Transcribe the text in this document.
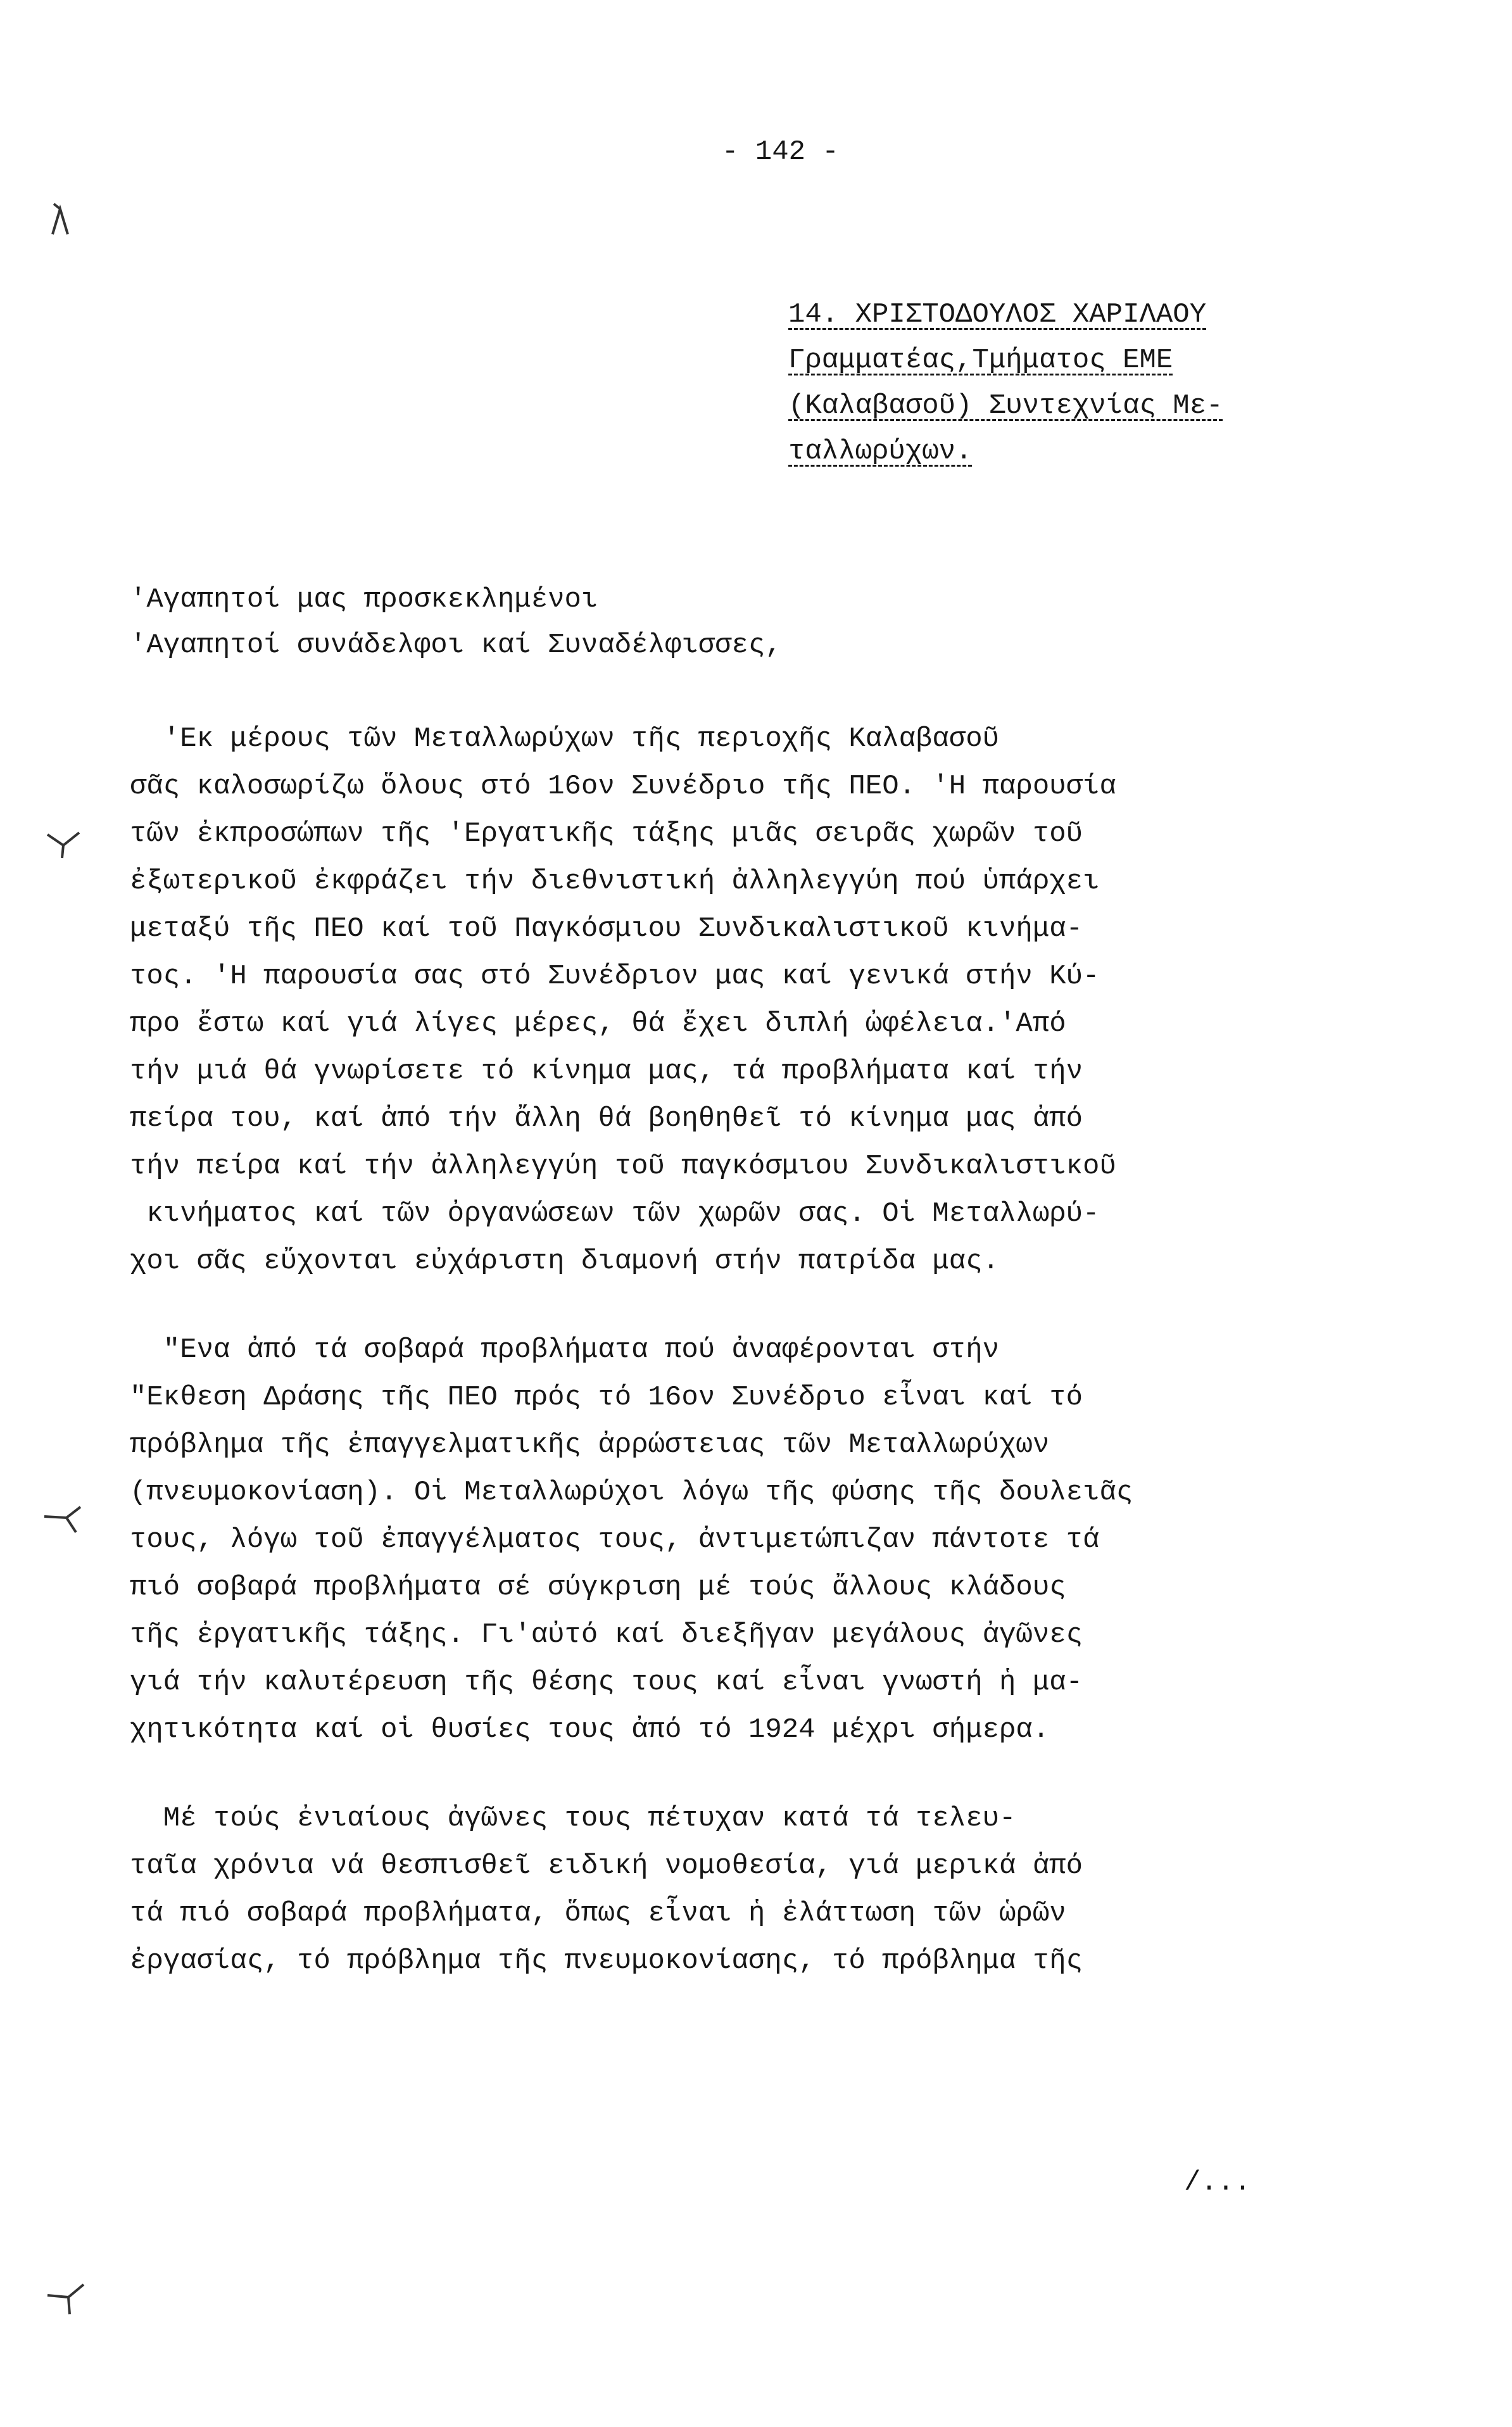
- 142 -

14. ΧΡΙΣΤΟΔΟΥΛΟΣ ΧΑΡΙΛΑΟΥ

Γραμματέας,Τμήματος ΕΜΕ

(Καλαβασοῦ) Συντεχνίας Με-

ταλλωρύχων.

'Αγαπητοί μας προσκεκλημένοι

'Αγαπητοί συνάδελφοι καί Συναδέλφισσες,

'Εκ μέρους τῶν Μεταλλωρύχων τῆς περιοχῆς Καλαβασοῦ

σᾶς καλοσωρίζω ὅλους στό 16ον Συνέδριο τῆς ΠΕΟ. 'Η παρουσία

τῶν ἐκπροσώπων τῆς 'Εργατικῆς τάξης μιᾶς σειρᾶς χωρῶν τοῦ

ἐξωτερικοῦ ἐκφράζει τήν διεθνιστική ἀλληλεγγύη πού ὑπάρχει

μεταξύ τῆς ΠΕΟ καί τοῦ Παγκόσμιου Συνδικαλιστικοῦ κινήμα-

τος. 'Η παρουσία σας στό Συνέδριον μας καί γενικά στήν Κύ-

προ ἔστω καί γιά λίγες μέρες, θά ἔχει διπλή ὠφέλεια.'Από

τήν μιά θά γνωρίσετε τό κίνημα μας, τά προβλήματα καί τήν

πείρα του, καί ἀπό τήν ἄλλη θά βοηθηθεῖ τό κίνημα μας ἀπό

τήν πείρα καί τήν ἀλληλεγγύη τοῦ παγκόσμιου Συνδικαλιστικοῦ

κινήματος καί τῶν ὀργανώσεων τῶν χωρῶν σας. Οἱ Μεταλλωρύ-

χοι σᾶς εὔχονται εὐχάριστη διαμονή στήν πατρίδα μας.

"Ενα ἀπό τά σοβαρά προβλήματα πού ἀναφέρονται στήν

"Εκθεση Δράσης τῆς ΠΕΟ πρός τό 16ον Συνέδριο εἶναι καί τό

πρόβλημα τῆς ἐπαγγελματικῆς ἀρρώστειας τῶν Μεταλλωρύχων

(πνευμοκονίαση). Οἱ Μεταλλωρύχοι λόγω τῆς φύσης τῆς δουλειᾶς

τους, λόγω τοῦ ἐπαγγέλματος τους, ἀντιμετώπιζαν πάντοτε τά

πιό σοβαρά προβλήματα σέ σύγκριση μέ τούς ἄλλους κλάδους

τῆς ἐργατικῆς τάξης. Γι'αὐτό καί διεξῆγαν μεγάλους ἀγῶνες

γιά τήν καλυτέρευση τῆς θέσης τους καί εἶναι γνωστή ἡ μα-

χητικότητα καί οἱ θυσίες τους ἀπό τό 1924 μέχρι σήμερα.

Μέ τούς ἐνιαίους ἀγῶνες τους πέτυχαν κατά τά τελευ-

ταῖα χρόνια νά θεσπισθεῖ ειδική νομοθεσία, γιά μερικά ἀπό

τά πιό σοβαρά προβλήματα, ὅπως εἶναι ἡ ἐλάττωση τῶν ὡρῶν

ἐργασίας, τό πρόβλημα τῆς πνευμοκονίασης, τό πρόβλημα τῆς

/...
